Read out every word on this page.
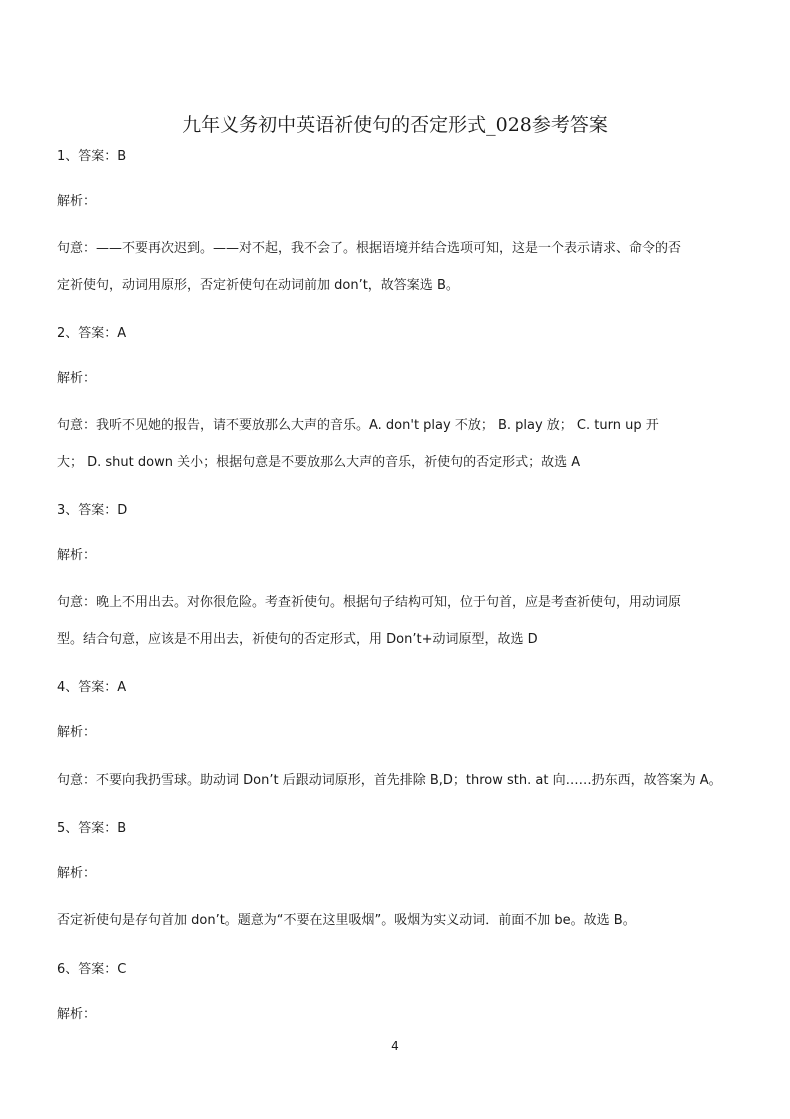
九年义务初中英语祈使句的否定形式_028参考答案
1、答案：B
解析：
句意：——不要再次迟到。——对不起，我不会了。根据语境并结合选项可知，这是一个表示请求、命令的否
定祈使句，动词用原形，否定祈使句在动词前加 don’t，故答案选 B。
2、答案：A
解析：
句意：我听不见她的报告，请不要放那么大声的音乐。A. don't play 不放； B. play 放； C. turn up 开
大； D. shut down 关小；根据句意是不要放那么大声的音乐，祈使句的否定形式；故选 A
3、答案：D
解析：
句意：晚上不用出去。对你很危险。考查祈使句。根据句子结构可知，位于句首，应是考查祈使句，用动词原
型。结合句意，应该是不用出去，祈使句的否定形式，用 Don’t+动词原型，故选 D
4、答案：A
解析：
句意：不要向我扔雪球。助动词 Don’t 后跟动词原形，首先排除 B,D；throw sth. at 向……扔东西，故答案为 A。
5、答案：B
解析：
否定祈使句是存句首加 don’t。题意为“不要在这里吸烟”。吸烟为实义动词．前面不加 be。故选 B。
6、答案：C
解析：
4
